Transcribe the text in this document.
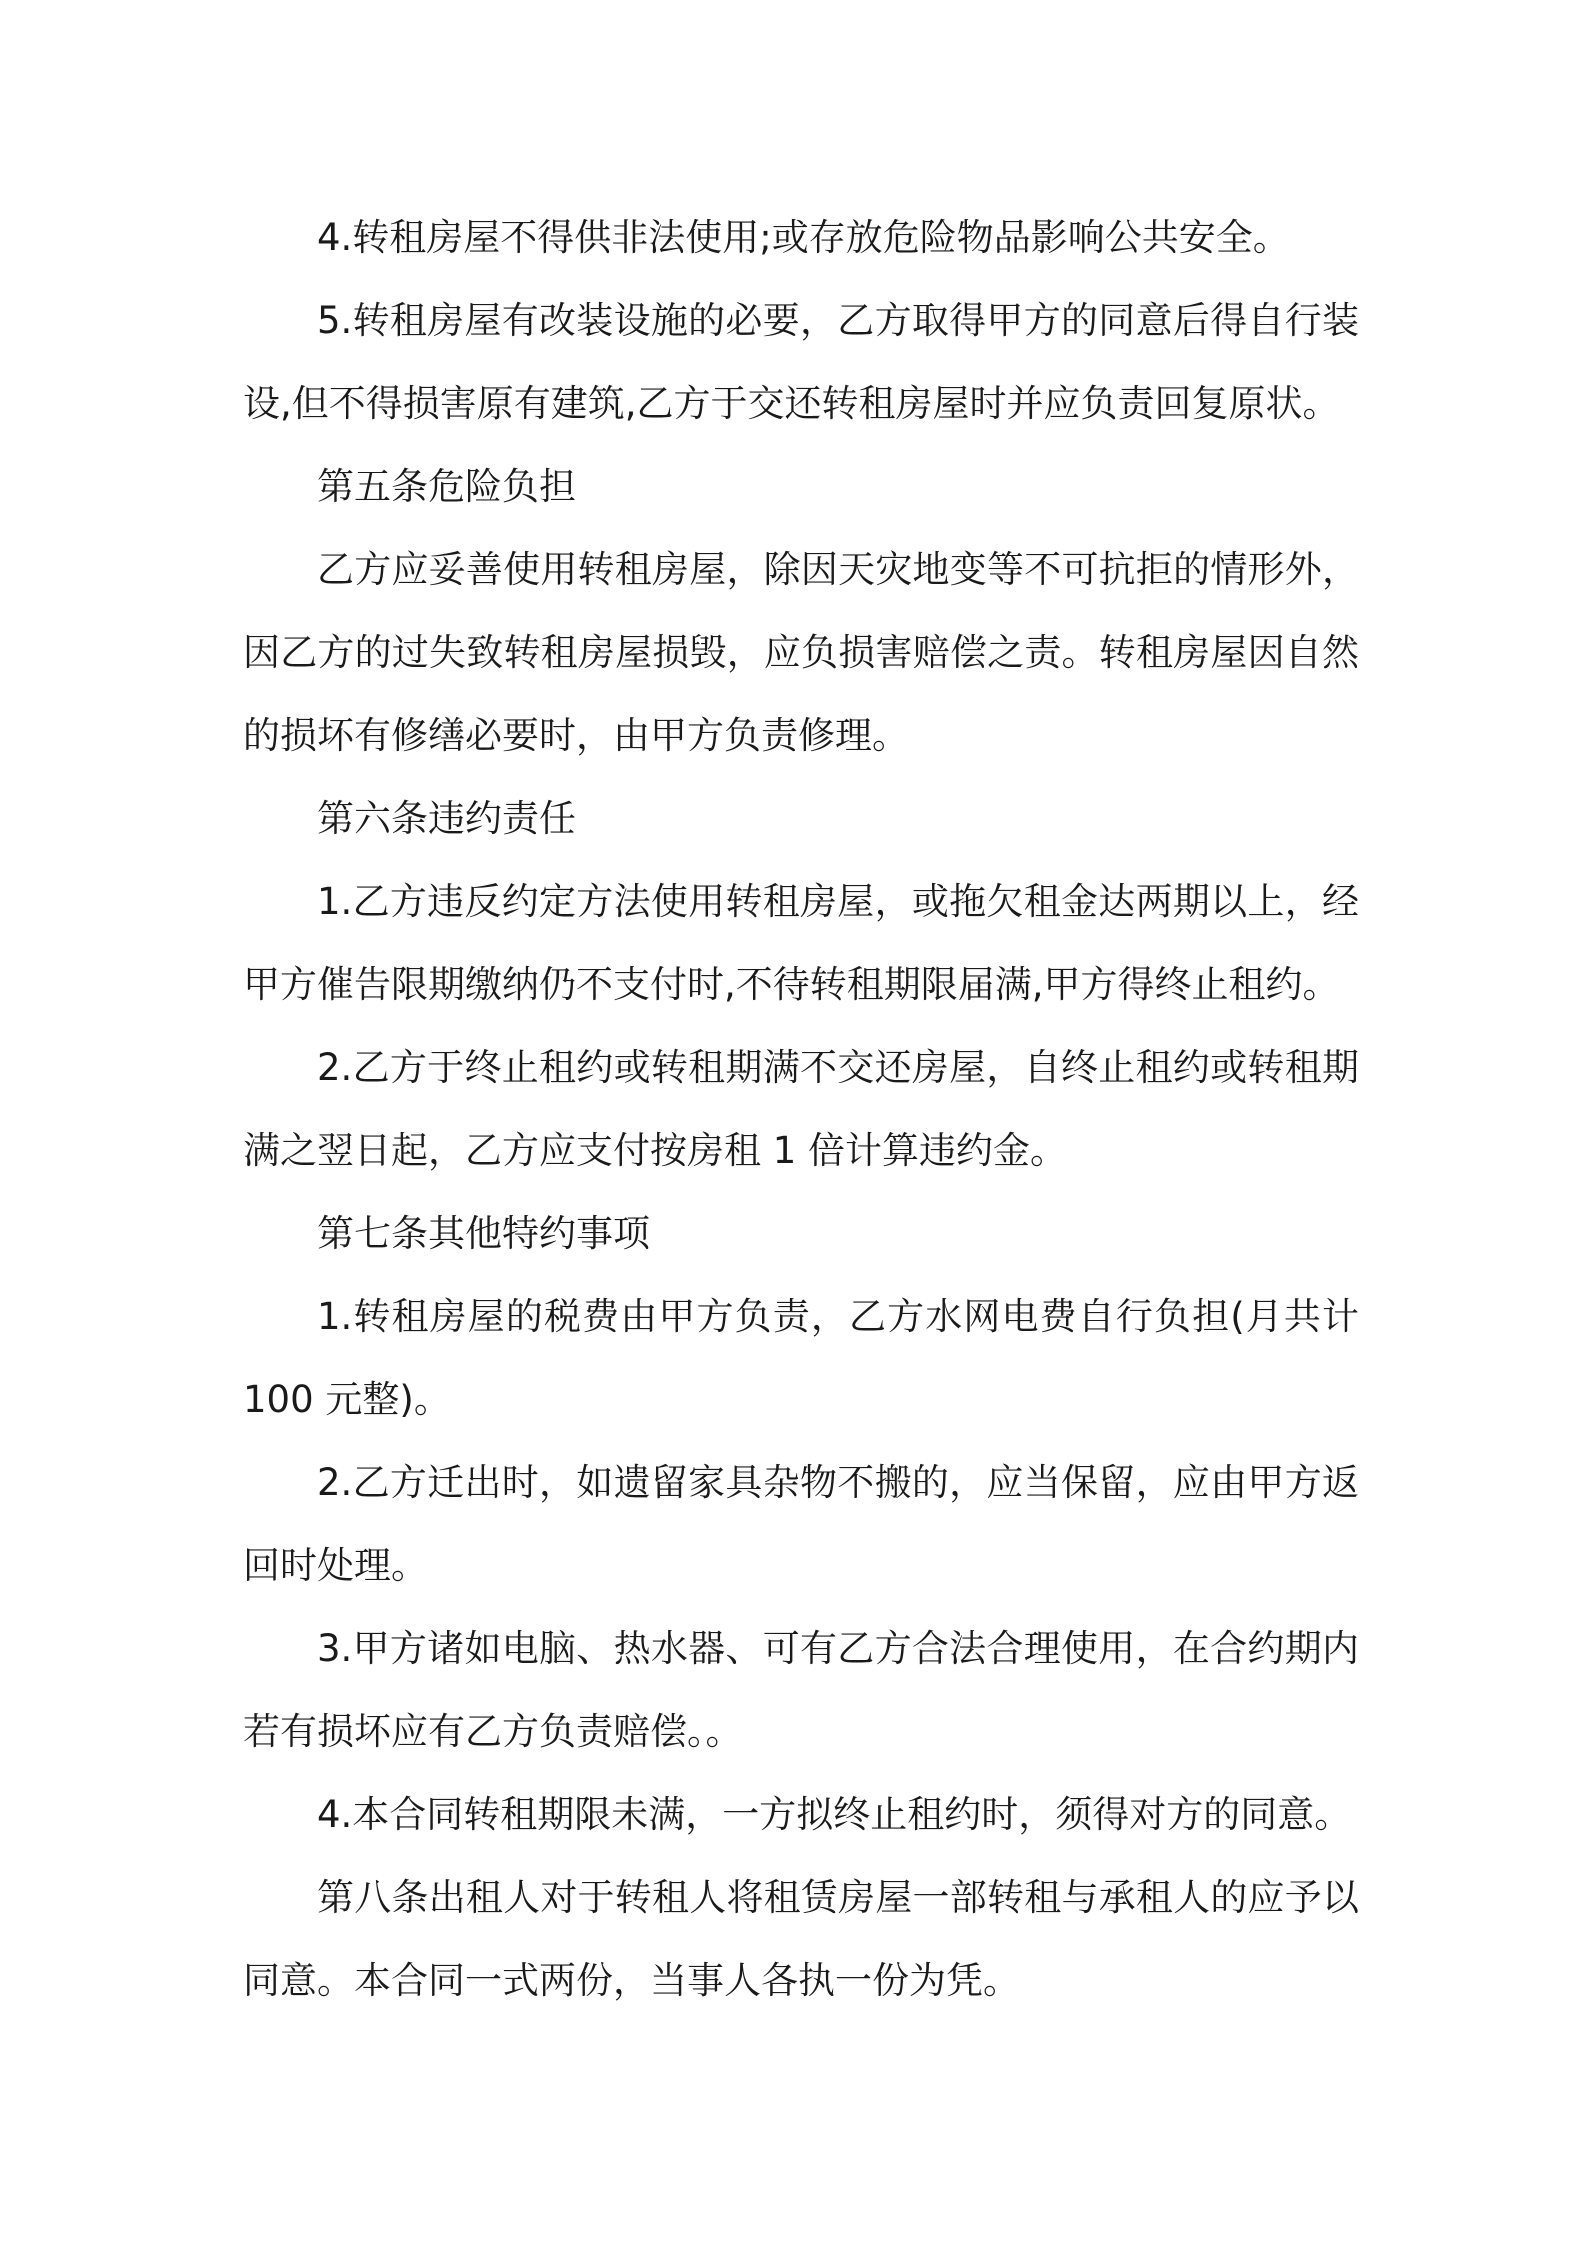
4.转租房屋不得供非法使用;或存放危险物品影响公共安全。

5.转租房屋有改装设施的必要，乙方取得甲方的同意后得自行装设,但不得损害原有建筑,乙方于交还转租房屋时并应负责回复原状。

第五条危险负担

乙方应妥善使用转租房屋，除因天灾地变等不可抗拒的情形外，因乙方的过失致转租房屋损毁，应负损害赔偿之责。转租房屋因自然的损坏有修缮必要时，由甲方负责修理。

第六条违约责任

1.乙方违反约定方法使用转租房屋，或拖欠租金达两期以上，经甲方催告限期缴纳仍不支付时,不待转租期限届满,甲方得终止租约。

2.乙方于终止租约或转租期满不交还房屋，自终止租约或转租期满之翌日起，乙方应支付按房租 1 倍计算违约金。

第七条其他特约事项

1.转租房屋的税费由甲方负责，乙方水网电费自行负担(月共计 100 元整)。

2.乙方迁出时，如遗留家具杂物不搬的，应当保留，应由甲方返回时处理。

3.甲方诸如电脑、热水器、可有乙方合法合理使用，在合约期内若有损坏应有乙方负责赔偿。。

4.本合同转租期限未满，一方拟终止租约时，须得对方的同意。

第八条出租人对于转租人将租赁房屋一部转租与承租人的应予以同意。本合同一式两份，当事人各执一份为凭。
